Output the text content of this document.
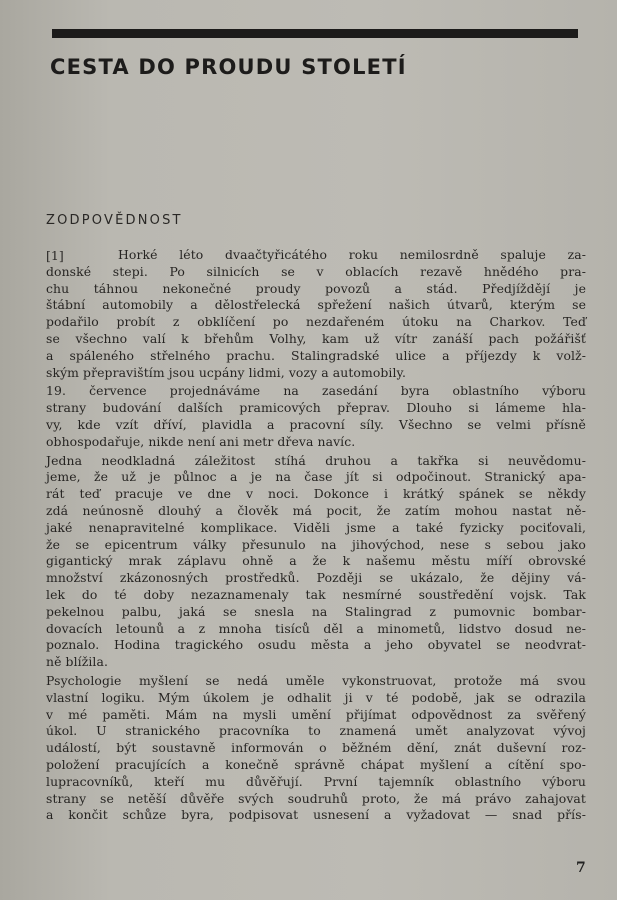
CESTA DO PROUDU STOLETÍ
ZODPOVĚDNOST
[1]	Horké léto dvaačtyřicátého roku nemilosrdně spaluje za-
donské stepi. Po silnicích se v oblacích rezavě hnědého pra-
chu táhnou nekonečné proudy povozů a stád. Předjíždějí je
štábní automobily a dělostřelecká spřežení našich útvarů, kterým se
podařilo probít z obklíčení po nezdařeném útoku na Charkov. Teď
se všechno valí k břehům Volhy, kam už vítr zanáší pach požářišť
a spáleného střelného prachu. Stalingradské ulice a příjezdy k volž-
ským přepravištím jsou ucpány lidmi, vozy a automobily.

19. července projednáváme na zasedání byra oblastního výboru
strany budování dalších pramicových přeprav. Dlouho si lámeme hla-
vy, kde vzít dříví, plavidla a pracovní síly. Všechno se velmi přísně
obhospodařuje, nikde není ani metr dřeva navíc.

Jedna neodkladná záležitost stíhá druhou a takřka si neuvědomu-
jeme, že už je půlnoc a je na čase jít si odpočinout. Stranický apa-
rát teď pracuje ve dne v noci. Dokonce i krátký spánek se někdy
zdá neúnosně dlouhý a člověk má pocit, že zatím mohou nastat ně-
jaké nenapravitelné komplikace. Viděli jsme a také fyzicky pociťovali,
že se epicentrum války přesunulo na jihovýchod, nese s sebou jako
gigantický mrak záplavu ohně a že k našemu městu míří obrovské
množství zkázonosných prostředků. Později se ukázalo, že dějiny vá-
lek do té doby nezaznamenaly tak nesmírné soustředění vojsk. Tak
pekelnou palbu, jaká se snesla na Stalingrad z pumovnic bombar-
dovacích letounů a z mnoha tisíců děl a minometů, lidstvo dosud ne-
poznalo. Hodina tragického osudu města a jeho obyvatel se neodvrat-
ně blížila.

Psychologie myšlení se nedá uměle vykonstruovat, protože má svou
vlastní logiku. Mým úkolem je odhalit ji v té podobě, jak se odrazila
v mé paměti. Mám na mysli umění přijímat odpovědnost za svěřený
úkol. U stranického pracovníka to znamená umět analyzovat vývoj
událostí, být soustavně informován o běžném dění, znát duševní roz-
položení pracujících a konečně správně chápat myšlení a cítění spo-
lupracovníků, kteří mu důvěřují. První tajemník oblastního výboru
strany se netěší důvěře svých soudruhů proto, že má právo zahajovat
a končit schůze byra, podpisovat usnesení a vyžadovat — snad přís-

7
